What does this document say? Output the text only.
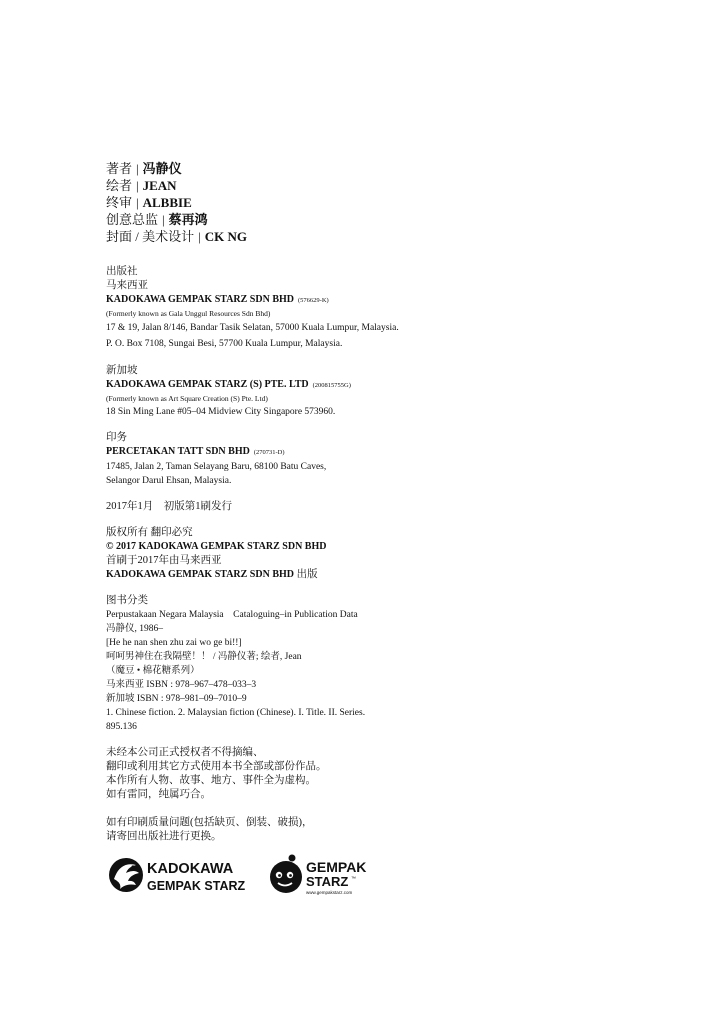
著者 | 冯静仪
绘者 | JEAN
终审 | ALBBIE
创意总监 | 蔡再鸿
封面 / 美术设计 | CK NG
出版社
马来西亚
KADOKAWA GEMPAK STARZ SDN BHD (576629-K)
(Formerly known as Gala Unggul Resources Sdn Bhd)
17 & 19, Jalan 8/146, Bandar Tasik Selatan, 57000 Kuala Lumpur, Malaysia.
P. O. Box 7108, Sungai Besi, 57700 Kuala Lumpur, Malaysia.
新加坡
KADOKAWA GEMPAK STARZ (S) PTE. LTD (200815755G)
(Formerly known as Art Square Creation (S) Pte. Ltd)
18 Sin Ming Lane #05–04 Midview City Singapore 573960.
印务
PERCETAKAN TATT SDN BHD (270731-D)
17485, Jalan 2, Taman Selayang Baru, 68100 Batu Caves,
Selangor Darul Ehsan, Malaysia.
2017年1月　初版第1刷发行
版权所有 翻印必究
© 2017 KADOKAWA GEMPAK STARZ SDN BHD
首刷于2017年由马来西亚
KADOKAWA GEMPAK STARZ SDN BHD 出版
图书分类
Perpustakaan Negara Malaysia　Cataloguing–in Publication Data
冯静仪, 1986–
[He he nan shen zhu zai wo ge bi!!]
呵呵男神住在我隔壁！！ / 冯静仪著; 绘者, Jean
（魔豆 • 棉花糖系列）
马来西亚 ISBN : 978–967–478–033–3
新加坡 ISBN : 978–981–09–7010–9
1. Chinese fiction. 2. Malaysian fiction (Chinese). I. Title. II. Series.
895.136
未经本公司正式授权者不得摘编、
翻印或利用其它方式使用本书全部或部份作品。
本作所有人物、故事、地方、事件全为虚构。
如有雷同，纯属巧合。
如有印刷质量问题(包括缺页、倒装、破损)，
请寄回出版社进行更换。
KADOKAWA
GEMPAK STARZ
GEMPAK
STARZ ™
www.gempakstarz.com
